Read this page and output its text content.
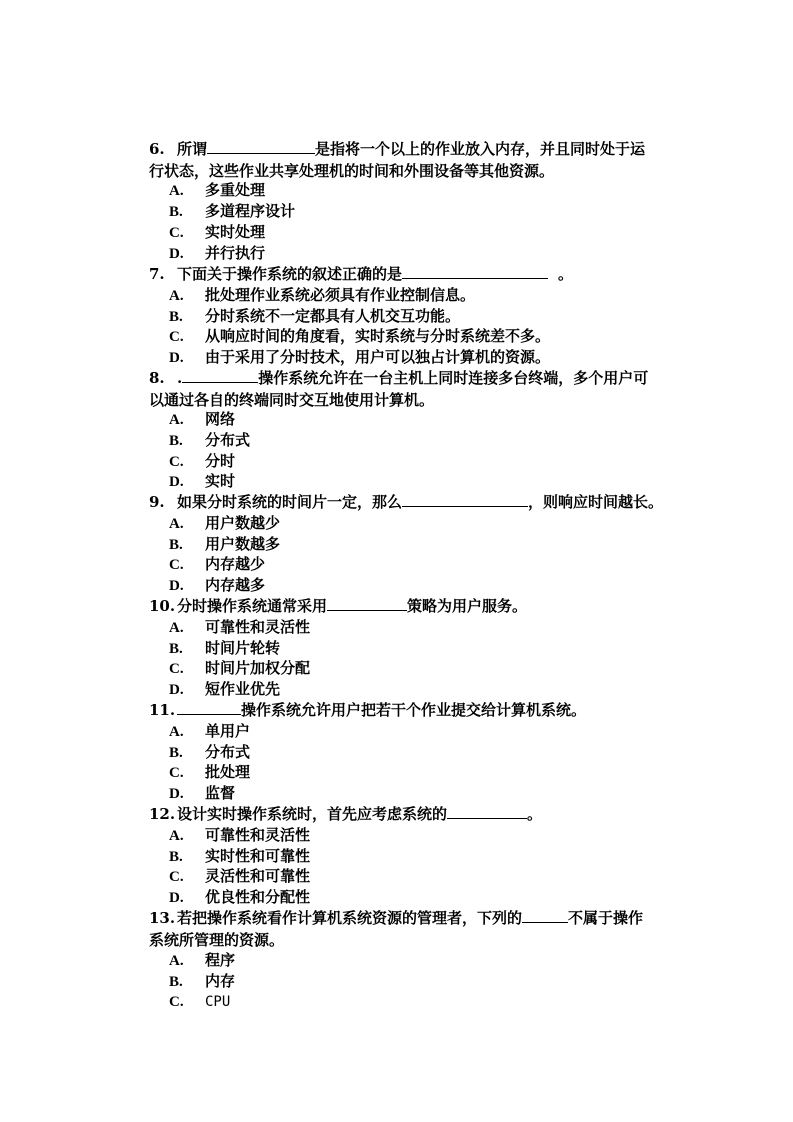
6. 所谓	是指将一个以上的作业放入内存，并且同时处于运
行状态，这些作业共享处理机的时间和外围设备等其他资源。
A. 多重处理
B. 多道程序设计
C. 实时处理
D. 并行执行
7. 下面关于操作系统的叙述正确的是	。
A. 批处理作业系统必须具有作业控制信息。
B. 分时系统不一定都具有人机交互功能。
C. 从响应时间的角度看，实时系统与分时系统差不多。
D. 由于采用了分时技术，用户可以独占计算机的资源。
8. .	操作系统允许在一台主机上同时连接多台终端，多个用户可
以通过各自的终端同时交互地使用计算机。
A. 网络
B. 分布式
C. 分时
D. 实时
9. 如果分时系统的时间片一定，那么	，则响应时间越长。
A. 用户数越少
B. 用户数越多
C. 内存越少
D. 内存越多
10. 分时操作系统通常采用	策略为用户服务。
A. 可靠性和灵活性
B. 时间片轮转
C. 时间片加权分配
D. 短作业优先
11.	操作系统允许用户把若干个作业提交给计算机系统。
A. 单用户
B. 分布式
C. 批处理
D. 监督
12. 设计实时操作系统时，首先应考虑系统的	。
A. 可靠性和灵活性
B. 实时性和可靠性
C. 灵活性和可靠性
D. 优良性和分配性
13. 若把操作系统看作计算机系统资源的管理者，下列的	不属于操作
系统所管理的资源。
A. 程序
B. 内存
C. CPU
